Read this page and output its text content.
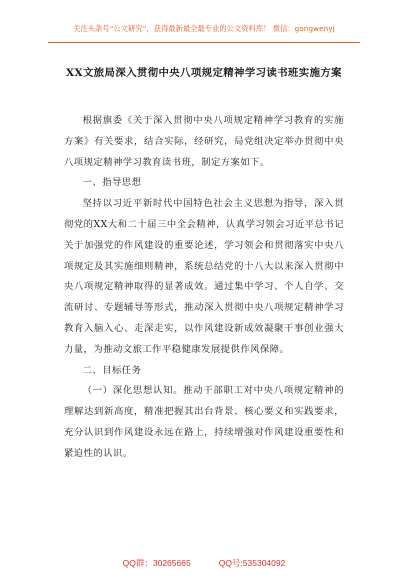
关注头条号“公文研究”，获得最新最全最专业的公文资料库！ 微信：gongwenyj
XX文旅局深入贯彻中央八项规定精神学习读书班实施方案

根据旗委《关于深入贯彻中央八项规定精神学习教育的实施方案》有关要求，结合实际，经研究，局党组决定举办贯彻中央八项规定精神学习教育读书班，制定方案如下。

一、指导思想

坚持以习近平新时代中国特色社会主义思想为指导，深入贯彻党的XX大和二十届三中全会精神，认真学习领会习近平总书记关于加强党的作风建设的重要论述，学习领会和贯彻落实中央八项规定及其实施细则精神，系统总结党的十八大以来深入贯彻中央八项规定精神取得的显著成效。通过集中学习、个人自学、交流研讨、专题辅导等形式，推动深入贯彻中央八项规定精神学习教育入脑入心、走深走实，以作风建设新成效凝聚干事创业强大力量，为推动文旅工作平稳健康发展提供作风保障。

二、目标任务

（一）深化思想认知。推动干部职工对中央八项规定精神的理解达到新高度，精准把握其出台背景、核心要义和实践要求，充分认识到作风建设永远在路上，持续增强对作风建设重要性和紧迫性的认识。

QQ群：30265665	QQ号:535304092
